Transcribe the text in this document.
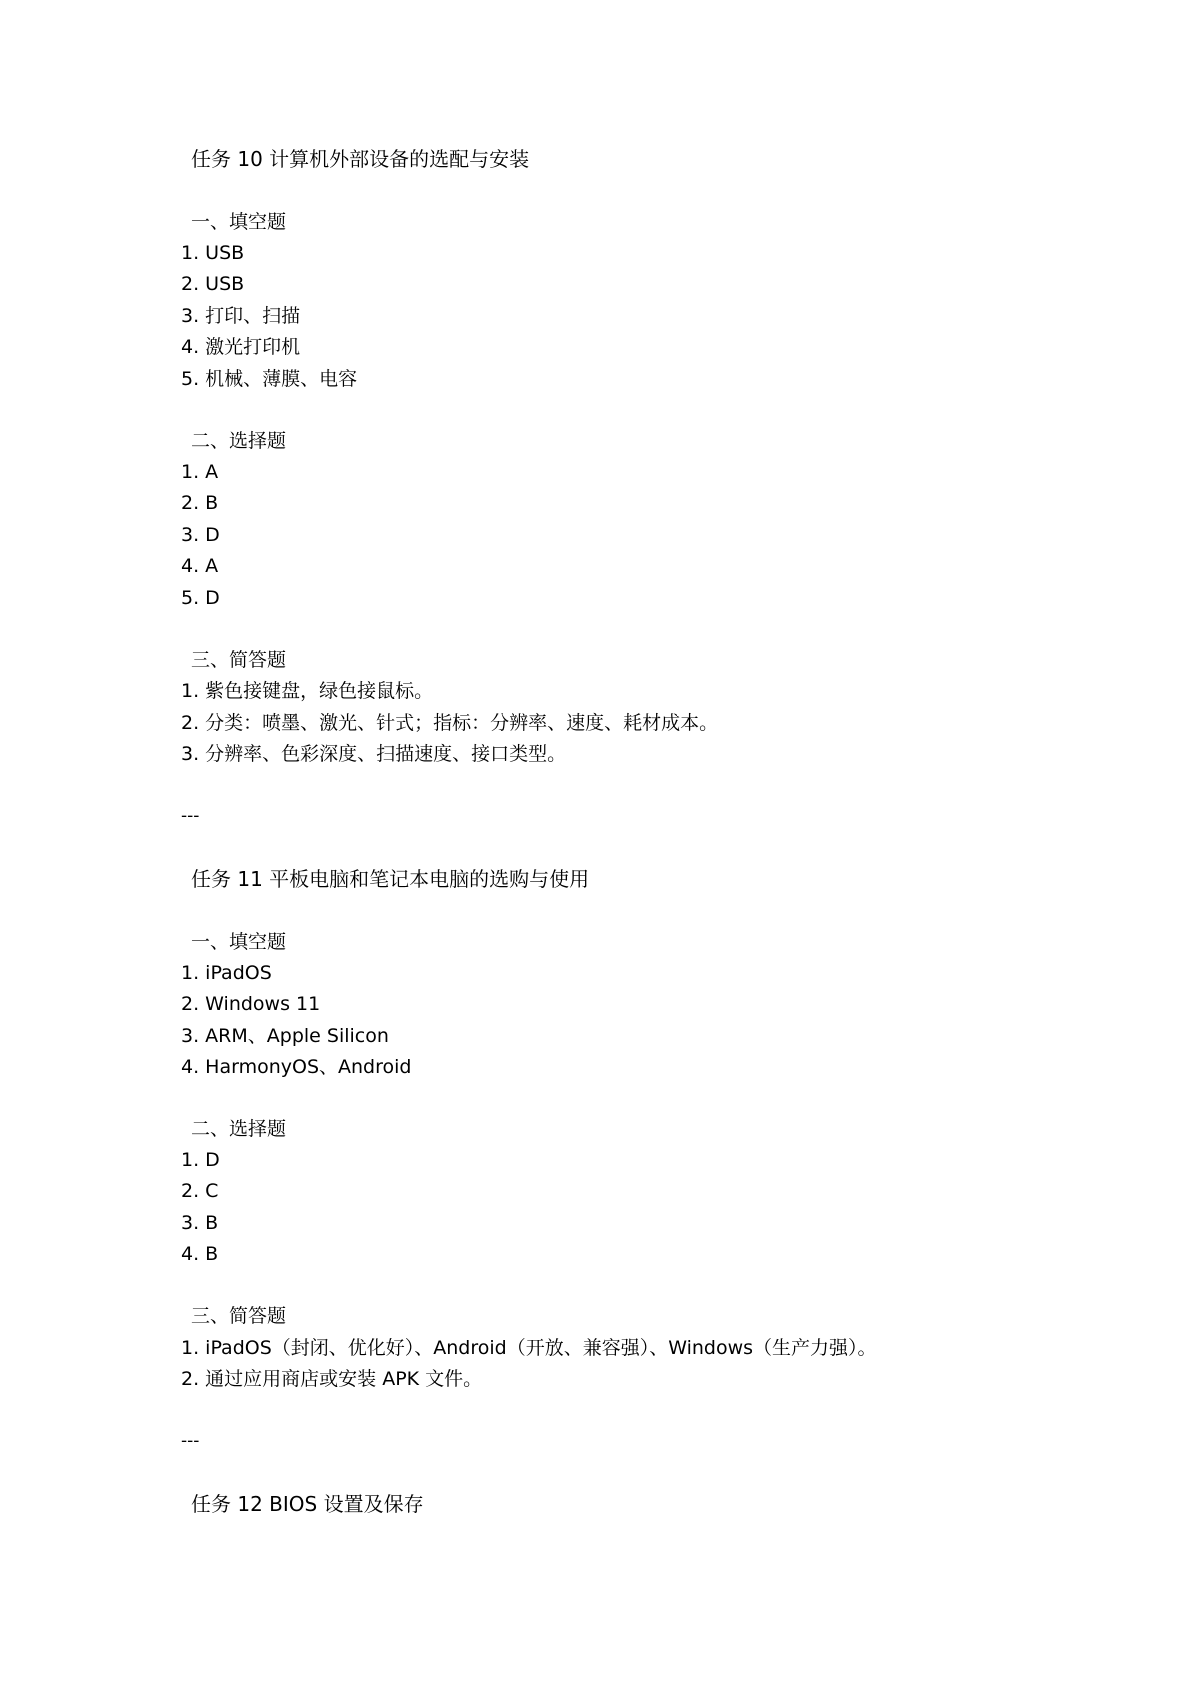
任务 10 计算机外部设备的选配与安装
一、填空题
1. USB
2. USB
3. 打印、扫描
4. 激光打印机
5. 机械、薄膜、电容
二、选择题
1. A
2. B
3. D
4. A
5. D
三、简答题
1. 紫色接键盘，绿色接鼠标。
2. 分类：喷墨、激光、针式；指标：分辨率、速度、耗材成本。
3. 分辨率、色彩深度、扫描速度、接口类型。
---
任务 11 平板电脑和笔记本电脑的选购与使用
一、填空题
1. iPadOS
2. Windows 11
3. ARM、Apple Silicon
4. HarmonyOS、Android
二、选择题
1. D
2. C
3. B
4. B
三、简答题
1. iPadOS（封闭、优化好）、Android（开放、兼容强）、Windows（生产力强）。
2. 通过应用商店或安装 APK 文件。
---
任务 12 BIOS 设置及保存
